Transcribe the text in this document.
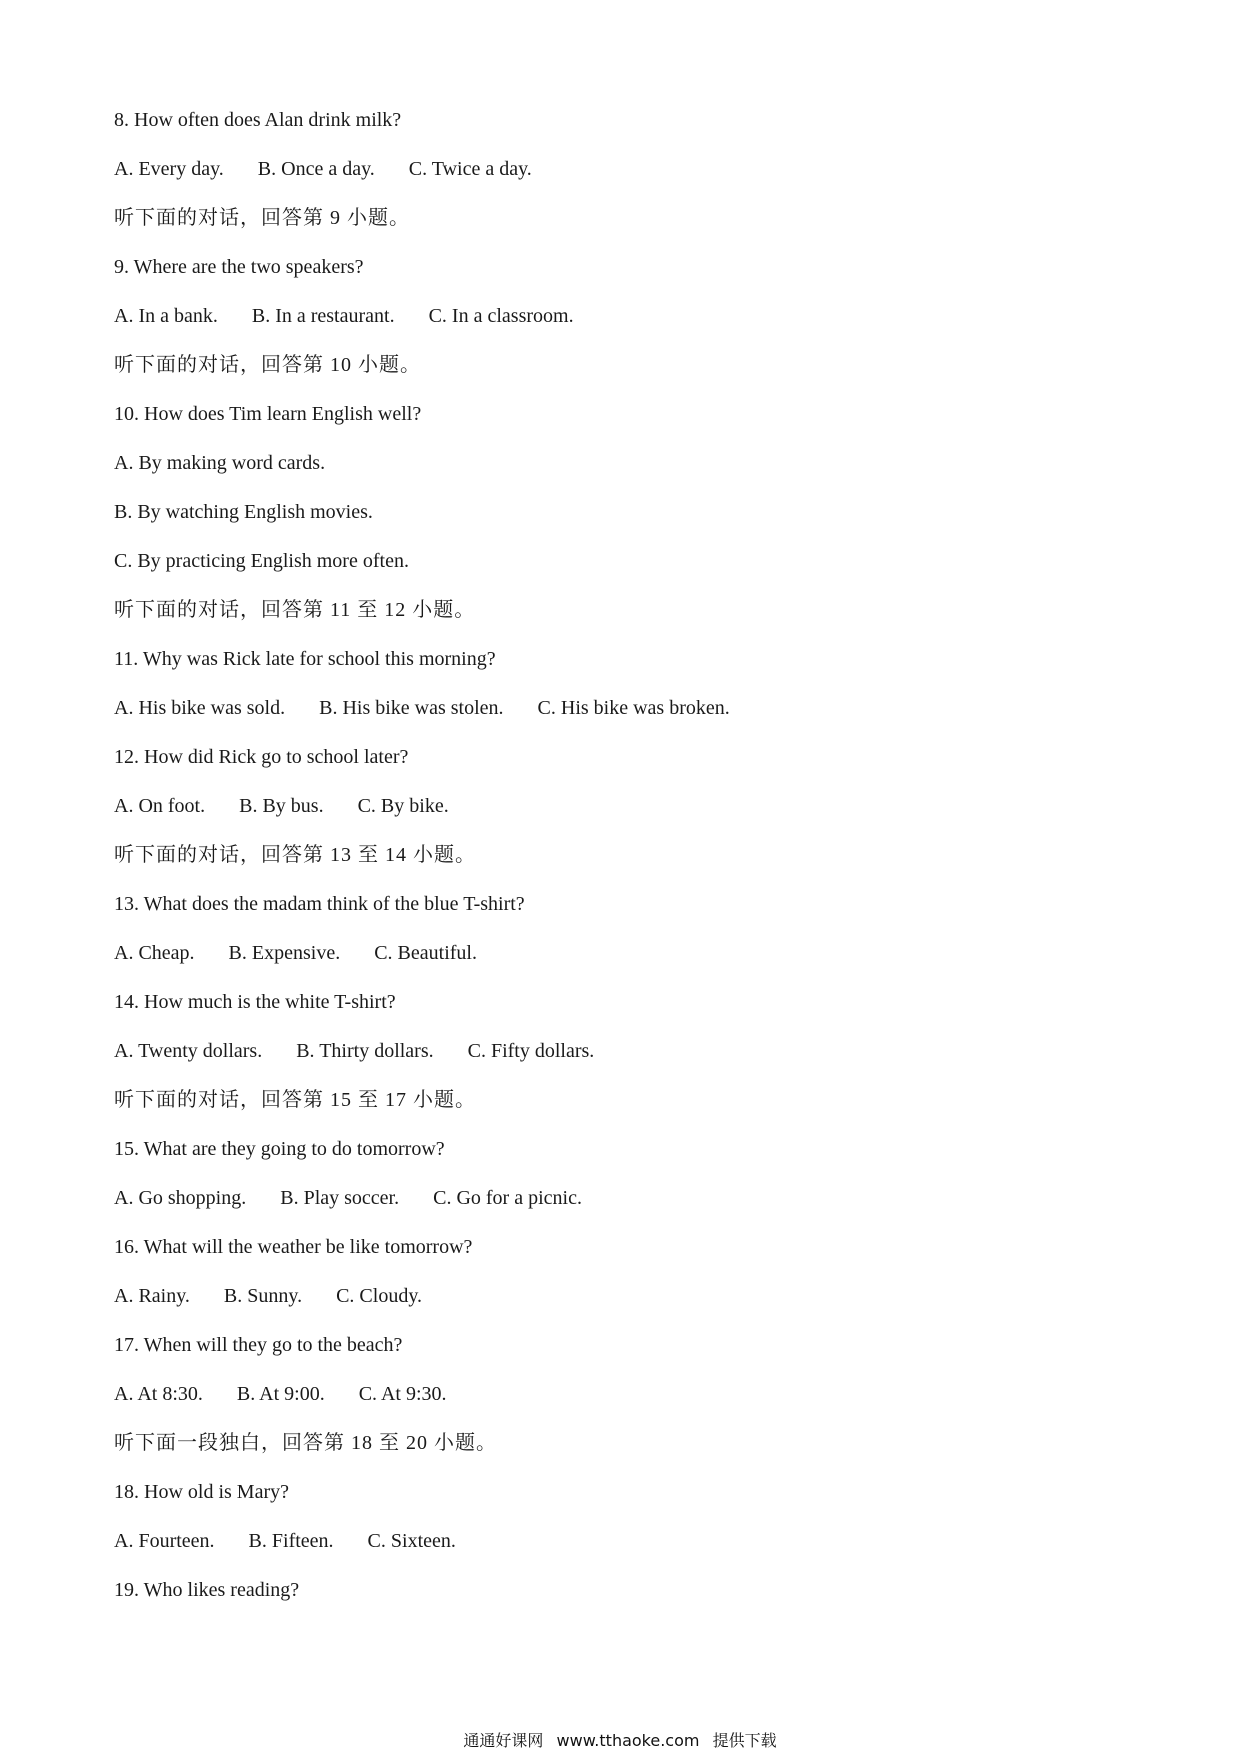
8. How often does Alan drink milk?
A. Every day. B. Once a day. C. Twice a day.
听下面的对话，回答第 9 小题。
9. Where are the two speakers?
A. In a bank. B. In a restaurant. C. In a classroom.
听下面的对话，回答第 10 小题。
10. How does Tim learn English well?
A. By making word cards.
B. By watching English movies.
C. By practicing English more often.
听下面的对话，回答第 11 至 12 小题。
11. Why was Rick late for school this morning?
A. His bike was sold. B. His bike was stolen. C. His bike was broken.
12. How did Rick go to school later?
A. On foot. B. By bus. C. By bike.
听下面的对话，回答第 13 至 14 小题。
13. What does the madam think of the blue T-shirt?
A. Cheap. B. Expensive. C. Beautiful.
14. How much is the white T-shirt?
A. Twenty dollars. B. Thirty dollars. C. Fifty dollars.
听下面的对话，回答第 15 至 17 小题。
15. What are they going to do tomorrow?
A. Go shopping. B. Play soccer. C. Go for a picnic.
16. What will the weather be like tomorrow?
A. Rainy. B. Sunny. C. Cloudy.
17. When will they go to the beach?
A. At 8:30. B. At 9:00. C. At 9:30.
听下面一段独白，回答第 18 至 20 小题。
18. How old is Mary?
A. Fourteen. B. Fifteen. C. Sixteen.
19. Who likes reading?
通通好课网 www.tthaoke.com 提供下载
